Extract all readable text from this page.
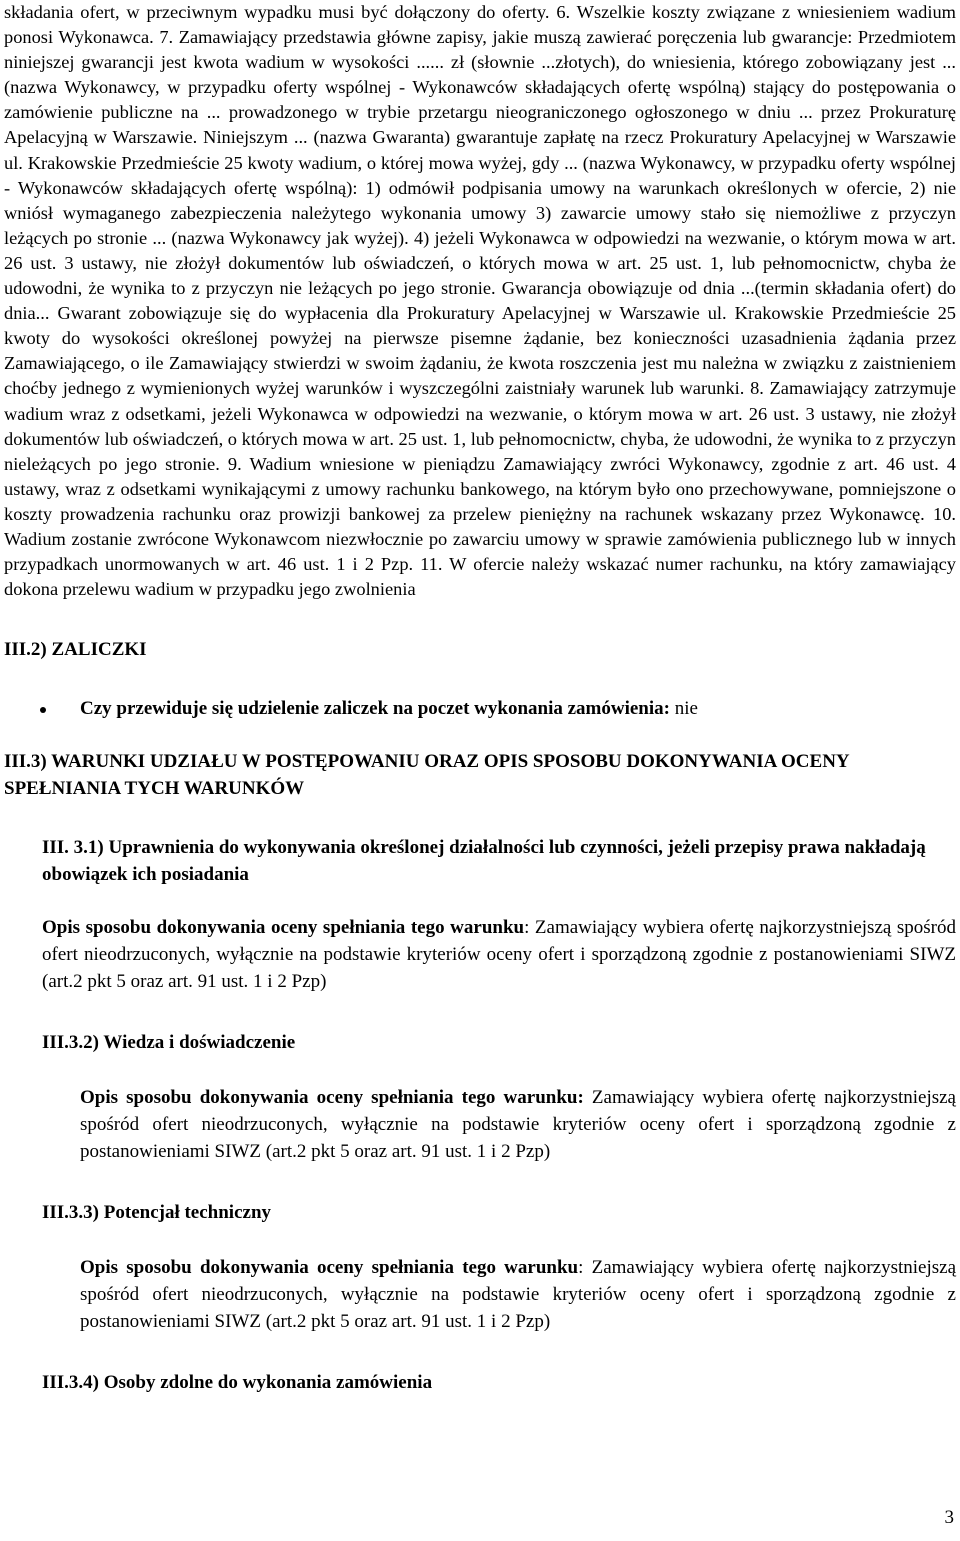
składania ofert, w przeciwnym wypadku musi być dołączony do oferty. 6. Wszelkie koszty związane z wniesieniem wadium ponosi Wykonawca. 7. Zamawiający przedstawia główne zapisy, jakie muszą zawierać poręczenia lub gwarancje: Przedmiotem niniejszej gwarancji jest kwota wadium w wysokości ...... zł (słownie ...złotych), do wniesienia, którego zobowiązany jest ...(nazwa Wykonawcy, w przypadku oferty wspólnej - Wykonawców składających ofertę wspólną) stający do postępowania o zamówienie publiczne na ... prowadzonego w trybie przetargu nieograniczonego ogłoszonego w dniu ... przez Prokuraturę Apelacyjną w Warszawie. Niniejszym ... (nazwa Gwaranta) gwarantuje zapłatę na rzecz Prokuratury Apelacyjnej w Warszawie ul. Krakowskie Przedmieście 25 kwoty wadium, o której mowa wyżej, gdy ... (nazwa Wykonawcy, w przypadku oferty wspólnej - Wykonawców składających ofertę wspólną): 1) odmówił podpisania umowy na warunkach określonych w ofercie, 2) nie wniósł wymaganego zabezpieczenia należytego wykonania umowy 3) zawarcie umowy stało się niemożliwe z przyczyn leżących po stronie ... (nazwa Wykonawcy jak wyżej). 4) jeżeli Wykonawca w odpowiedzi na wezwanie, o którym mowa w art. 26 ust. 3 ustawy, nie złożył dokumentów lub oświadczeń, o których mowa w art. 25 ust. 1, lub pełnomocnictw, chyba że udowodni, że wynika to z przyczyn nie leżących po jego stronie. Gwarancja obowiązuje od dnia ...(termin składania ofert) do dnia... Gwarant zobowiązuje się do wypłacenia dla Prokuratury Apelacyjnej w Warszawie ul. Krakowskie Przedmieście 25 kwoty do wysokości określonej powyżej na pierwsze pisemne żądanie, bez konieczności uzasadnienia żądania przez Zamawiającego, o ile Zamawiający stwierdzi w swoim żądaniu, że kwota roszczenia jest mu należna w związku z zaistnieniem choćby jednego z wymienionych wyżej warunków i wyszczególni zaistniały warunek lub warunki. 8. Zamawiający zatrzymuje wadium wraz z odsetkami, jeżeli Wykonawca w odpowiedzi na wezwanie, o którym mowa w art. 26 ust. 3 ustawy, nie złożył dokumentów lub oświadczeń, o których mowa w art. 25 ust. 1, lub pełnomocnictw, chyba, że udowodni, że wynika to z przyczyn nieleżących po jego stronie. 9. Wadium wniesione w pieniądzu Zamawiający zwróci Wykonawcy, zgodnie z art. 46 ust. 4 ustawy, wraz z odsetkami wynikającymi z umowy rachunku bankowego, na którym było ono przechowywane, pomniejszone o koszty prowadzenia rachunku oraz prowizji bankowej za przelew pieniężny na rachunek wskazany przez Wykonawcę. 10. Wadium zostanie zwrócone Wykonawcom niezwłocznie po zawarciu umowy w sprawie zamówienia publicznego lub w innych przypadkach unormowanych w art. 46 ust. 1 i 2 Pzp. 11. W ofercie należy wskazać numer rachunku, na który zamawiający dokona przelewu wadium w przypadku jego zwolnienia

III.2) ZALICZKI

Czy przewiduje się udzielenie zaliczek na poczet wykonania zamówienia: nie

III.3) WARUNKI UDZIAŁU W POSTĘPOWANIU ORAZ OPIS SPOSOBU DOKONYWANIA OCENY SPEŁNIANIA TYCH WARUNKÓW

III. 3.1) Uprawnienia do wykonywania określonej działalności lub czynności, jeżeli przepisy prawa nakładają obowiązek ich posiadania

Opis sposobu dokonywania oceny spełniania tego warunku: Zamawiający wybiera ofertę najkorzystniejszą spośród ofert nieodrzuconych, wyłącznie na podstawie kryteriów oceny ofert i sporządzoną zgodnie z postanowieniami SIWZ (art.2 pkt 5 oraz art. 91 ust. 1 i 2 Pzp)

III.3.2) Wiedza i doświadczenie

Opis sposobu dokonywania oceny spełniania tego warunku: Zamawiający wybiera ofertę najkorzystniejszą spośród ofert nieodrzuconych, wyłącznie na podstawie kryteriów oceny ofert i sporządzoną zgodnie z postanowieniami SIWZ (art.2 pkt 5 oraz art. 91 ust. 1 i 2 Pzp)

III.3.3) Potencjał techniczny

Opis sposobu dokonywania oceny spełniania tego warunku: Zamawiający wybiera ofertę najkorzystniejszą spośród ofert nieodrzuconych, wyłącznie na podstawie kryteriów oceny ofert i sporządzoną zgodnie z postanowieniami SIWZ (art.2 pkt 5 oraz art. 91 ust. 1 i 2 Pzp)

III.3.4) Osoby zdolne do wykonania zamówienia

3
